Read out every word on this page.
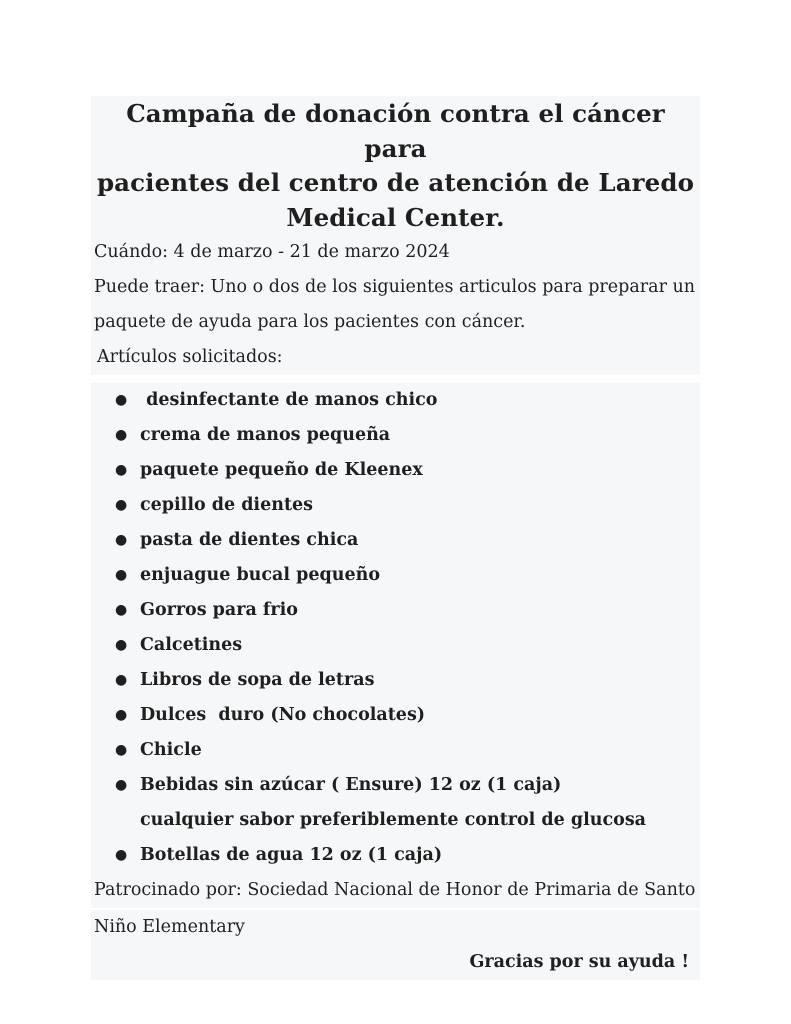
Campaña de donación contra el cáncer para
pacientes del centro de atención de Laredo
Medical Center.
Cuándo: 4 de marzo - 21 de marzo 2024
Puede traer: Uno o dos de los siguientes articulos para preparar un
paquete de ayuda para los pacientes con cáncer.
Artículos solicitados:
● desinfectante de manos chico
● crema de manos pequeña
● paquete pequeño de Kleenex
● cepillo de dientes
● pasta de dientes chica
● enjuague bucal pequeño
● Gorros para frio
● Calcetines
● Libros de sopa de letras
● Dulces  duro (No chocolates)
● Chicle
● Bebidas sin azúcar ( Ensure) 12 oz (1 caja) cualquier sabor preferiblemente control de glucosa
● Botellas de agua 12 oz (1 caja)
Patrocinado por: Sociedad Nacional de Honor de Primaria de Santo
Niño Elementary
Gracias por su ayuda !
